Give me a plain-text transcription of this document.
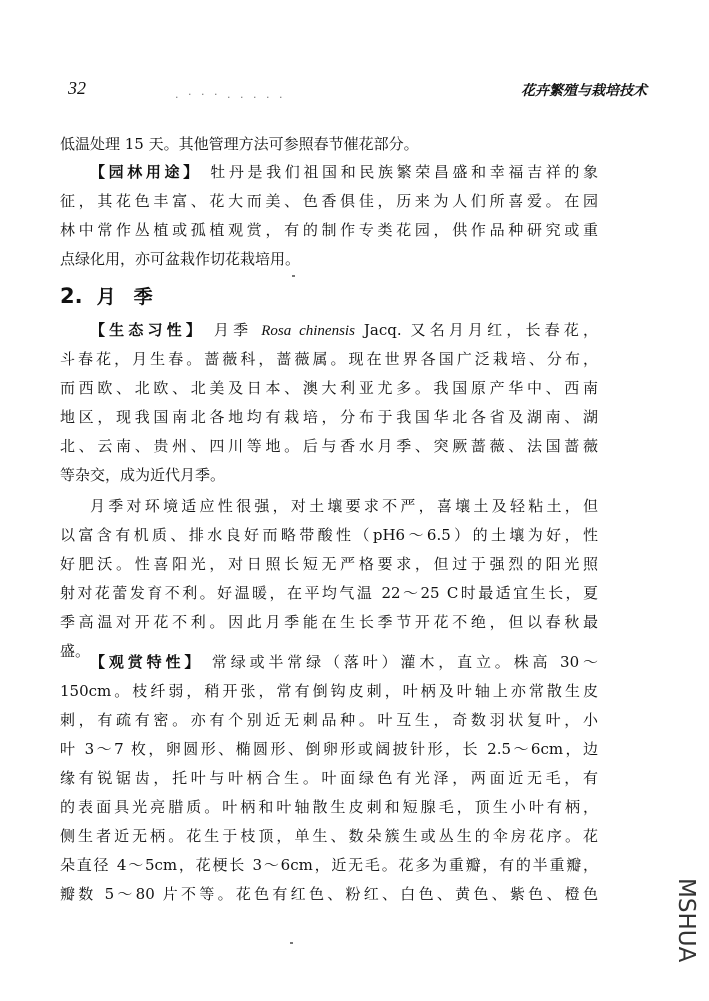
32	. · · · . . . . .	花卉繁殖与栽培技术
低温处理 15 天。其他管理方法可参照春节催花部分。
【园林用途】 牡丹是我们祖国和民族繁荣昌盛和幸福吉祥的象
征，其花色丰富、花大而美、色香俱佳，历来为人们所喜爱。在园
林中常作丛植或孤植观赏，有的制作专类花园，供作品种研究或重
点绿化用，亦可盆栽作切花栽培用。
2. 月季
【生态习性】 月季 Rosa chinensis Jacq. 又名月月红，长春花，
斗春花，月生春。蔷薇科，蔷薇属。现在世界各国广泛栽培、分布，
而西欧、北欧、北美及日本、澳大利亚尤多。我国原产华中、西南
地区，现我国南北各地均有栽培，分布于我国华北各省及湖南、湖
北、云南、贵州、四川等地。后与香水月季、突厥蔷薇、法国蔷薇
等杂交，成为近代月季。
月季对环境适应性很强，对土壤要求不严，喜壤土及轻粘土，但
以富含有机质、排水良好而略带酸性（pH6～6.5）的土壤为好，性
好肥沃。性喜阳光，对日照长短无严格要求，但过于强烈的阳光照
射对花蕾发育不利。好温暖，在平均气温 22～25 C时最适宜生长，夏
季高温对开花不利。因此月季能在生长季节开花不绝，但以春秋最
盛。
【观赏特性】 常绿或半常绿（落叶）灌木，直立。株高 30～
150cm。枝纤弱，稍开张，常有倒钩皮刺，叶柄及叶轴上亦常散生皮
刺，有疏有密。亦有个别近无刺品种。叶互生，奇数羽状复叶，小
叶 3～7 枚，卵圆形、椭圆形、倒卵形或阔披针形，长 2.5～6cm，边
缘有锐锯齿，托叶与叶柄合生。叶面绿色有光泽，两面近无毛，有
的表面具光亮腊质。叶柄和叶轴散生皮刺和短腺毛，顶生小叶有柄，
侧生者近无柄。花生于枝顶，单生、数朵簇生或丛生的伞房花序。花
朵直径 4～5cm，花梗长 3～6cm，近无毛。花多为重瓣，有的半重瓣，
瓣数 5～80 片不等。花色有红色、粉红、白色、黄色、紫色、橙色	MSHUA
